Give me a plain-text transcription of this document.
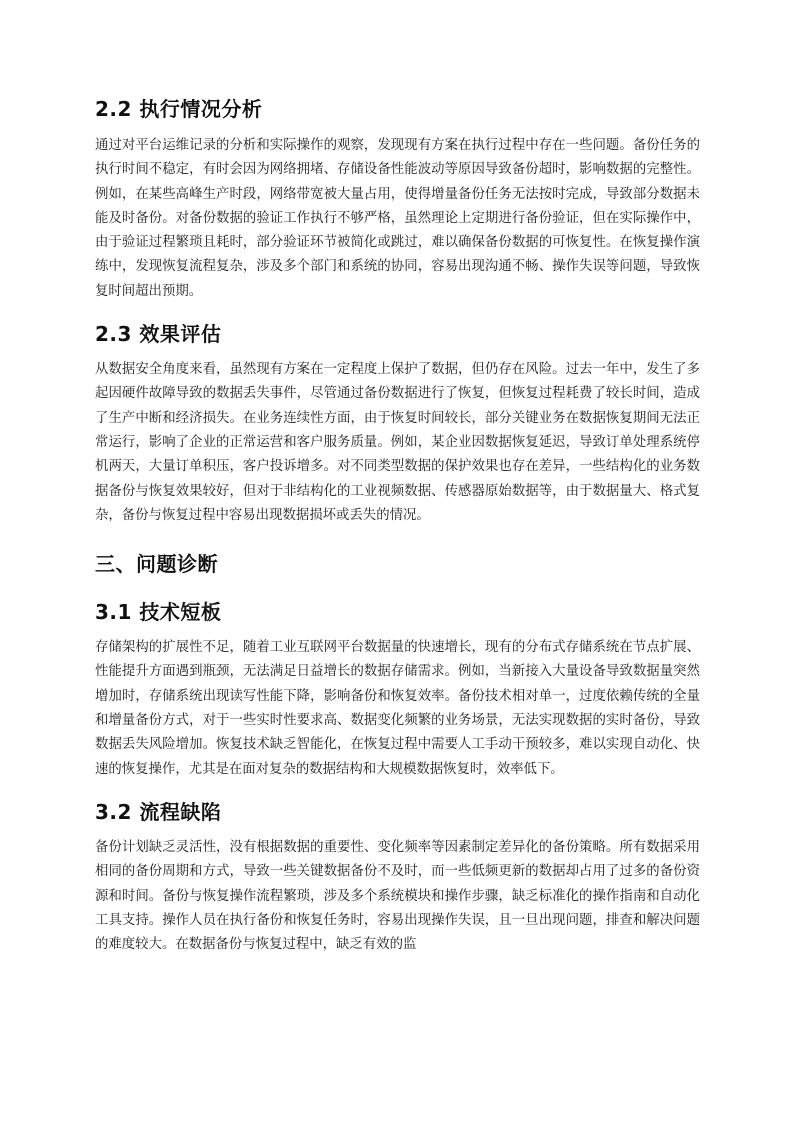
2.2 执行情况分析

通过对平台运维记录的分析和实际操作的观察，发现现有方案在执行过程中存在一些问题。备份任务的执行时间不稳定，有时会因为网络拥堵、存储设备性能波动等原因导致备份超时，影响数据的完整性。例如，在某些高峰生产时段，网络带宽被大量占用，使得增量备份任务无法按时完成，导致部分数据未能及时备份。对备份数据的验证工作执行不够严格，虽然理论上定期进行备份验证，但在实际操作中，由于验证过程繁琐且耗时，部分验证环节被简化或跳过，难以确保备份数据的可恢复性。在恢复操作演练中，发现恢复流程复杂，涉及多个部门和系统的协同，容易出现沟通不畅、操作失误等问题，导致恢复时间超出预期。

2.3 效果评估

从数据安全角度来看，虽然现有方案在一定程度上保护了数据，但仍存在风险。过去一年中，发生了多起因硬件故障导致的数据丢失事件，尽管通过备份数据进行了恢复，但恢复过程耗费了较长时间，造成了生产中断和经济损失。在业务连续性方面，由于恢复时间较长，部分关键业务在数据恢复期间无法正常运行，影响了企业的正常运营和客户服务质量。例如，某企业因数据恢复延迟，导致订单处理系统停机两天，大量订单积压，客户投诉增多。对不同类型数据的保护效果也存在差异，一些结构化的业务数据备份与恢复效果较好，但对于非结构化的工业视频数据、传感器原始数据等，由于数据量大、格式复杂，备份与恢复过程中容易出现数据损坏或丢失的情况。

三、问题诊断
3.1 技术短板

存储架构的扩展性不足，随着工业互联网平台数据量的快速增长，现有的分布式存储系统在节点扩展、性能提升方面遇到瓶颈，无法满足日益增长的数据存储需求。例如，当新接入大量设备导致数据量突然增加时，存储系统出现读写性能下降，影响备份和恢复效率。备份技术相对单一，过度依赖传统的全量和增量备份方式，对于一些实时性要求高、数据变化频繁的业务场景，无法实现数据的实时备份，导致数据丢失风险增加。恢复技术缺乏智能化，在恢复过程中需要人工手动干预较多，难以实现自动化、快速的恢复操作，尤其是在面对复杂的数据结构和大规模数据恢复时，效率低下。

3.2 流程缺陷

备份计划缺乏灵活性，没有根据数据的重要性、变化频率等因素制定差异化的备份策略。所有数据采用相同的备份周期和方式，导致一些关键数据备份不及时，而一些低频更新的数据却占用了过多的备份资源和时间。备份与恢复操作流程繁琐，涉及多个系统模块和操作步骤，缺乏标准化的操作指南和自动化工具支持。操作人员在执行备份和恢复任务时，容易出现操作失误，且一旦出现问题，排查和解决问题的难度较大。在数据备份与恢复过程中，缺乏有效的监
